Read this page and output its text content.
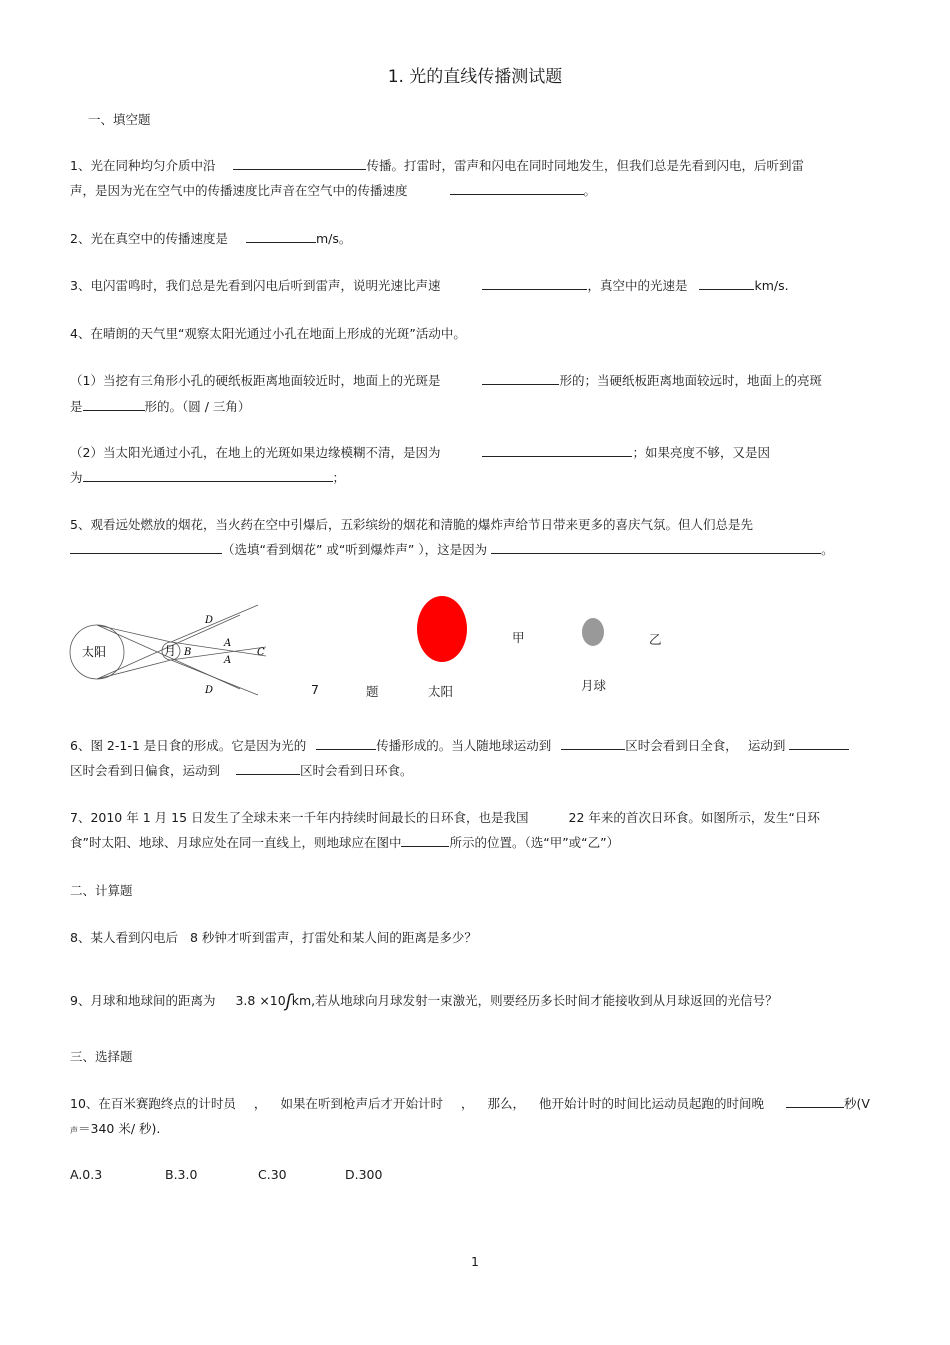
1. 光的直线传播测试题
一、填空题
1、光在同种均匀介质中沿	传播。打雷时，雷声和闪电在同时同地发生，但我们总是先看到闪电，后听到雷
声，是因为光在空气中的传播速度比声音在空气中的传播速度	。
2、光在真空中的传播速度是	m/s。
3、电闪雷鸣时，我们总是先看到闪电后听到雷声，说明光速比声速	，真空中的光速是	km/s.
4、在晴朗的天气里“观察太阳光通过小孔在地面上形成的光斑”活动中。
（1）当挖有三角形小孔的硬纸板距离地面较近时，地面上的光斑是	形的；当硬纸板距离地面较远时，地面上的亮斑
是	形的。（圆 / 三角）
（2）当太阳光通过小孔，在地上的光斑如果边缘模糊不清，是因为	；如果亮度不够，又是因
为	；
5、观看远处燃放的烟花，当火药在空中引爆后，五彩缤纷的烟花和清脆的爆炸声给节日带来更多的喜庆气氛。但人们总是先
（选填“看到烟花” 或“听到爆炸声” ），这是因为	。
太阳	月
D
D
A
A
B	C
7	题	太阳
甲
月球
乙
6、图 2-1-1 是日食的形成。它是因为光的	传播形成的。当人随地球运动到	区时会看到日全食， 运动到
区时会看到日偏食，运动到	区时会看到日环食。
7、2010 年 1 月 15 日发生了全球未来一千年内持续时间最长的日环食，也是我国	22 年来的首次日环食。如图所示，发生“日环
食”时太阳、地球、月球应处在同一直线上，则地球应在图中	所示的位置。（选“甲”或“乙”）
二、计算题
8、某人看到闪电后 8 秒钟才听到雷声，打雷处和某人间的距离是多少？
9、月球和地球间的距离为 3.8 ×10ʃkm,若从地球向月球发射一束激光，则要经历多长时间才能接收到从月球返回的光信号？
三、选择题
10、在百米赛跑终点的计时员 ， 如果在听到枪声后才开始计时 ， 那么， 他开始计时的时间比运动员起跑的时间晚	秒(V
声＝340 米/ 秒).
A.0.3	B.3.0	C.30	D.300
1
